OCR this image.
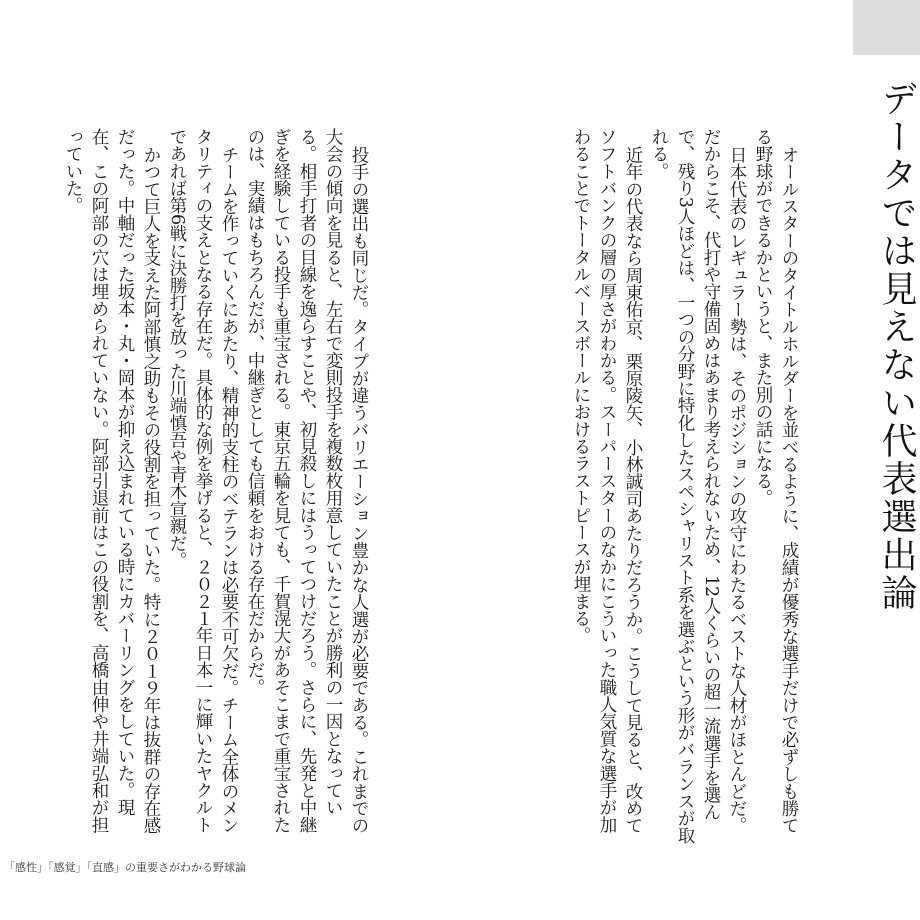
データでは見えない代表選出論

オールスターのタイトルホルダーを並べるように、成績が優秀な選手だけで必ずしも勝てる野球ができるかというと、また別の話になる。

日本代表のレギュラー勢は、そのポジションの攻守にわたるベストな人材がほとんどだ。だからこそ、代打や守備固めはあまり考えられないため、12人くらいの超一流選手を選んで、残り3人ほどは、一つの分野に特化したスペシャリスト系を選ぶという形がバランスが取れる。

近年の代表なら周東佑京、栗原陵矢、小林誠司あたりだろうか。こうして見ると、改めてソフトバンクの層の厚さがわかる。スーパースターのなかにこういった職人気質な選手が加わることでトータルベースボールにおけるラストピースが埋まる。

投手の選出も同じだ。タイプが違うバリエーション豊かな人選が必要である。これまでの大会の傾向を見ると、左右で変則投手を複数枚用意していたことが勝利の一因となっている。相手打者の目線を逸らすことや、初見殺しにはうってつけだろう。さらに、先発と中継ぎを経験している投手も重宝される。東京五輪を見ても、千賀滉大があそこまで重宝されたのは、実績はもちろんだが、中継ぎとしても信頼をおける存在だからだ。

チームを作っていくにあたり、精神的支柱のベテランは必要不可欠だ。チーム全体のメンタリティの支えとなる存在だ。具体的な例を挙げると、２０２１年日本一に輝いたヤクルトであれば第6戦に決勝打を放った川端慎吾や青木宣親だ。

かつて巨人を支えた阿部慎之助もその役割を担っていた。特に２０１９年は抜群の存在感だった。中軸だった坂本・丸・岡本が抑え込まれている時にカバーリングをしていた。現在、この阿部の穴は埋められていない。阿部引退前はこの役割を、高橋由伸や井端弘和が担っていた。

「感性」「感覚」「直感」の重要さがわかる野球論
